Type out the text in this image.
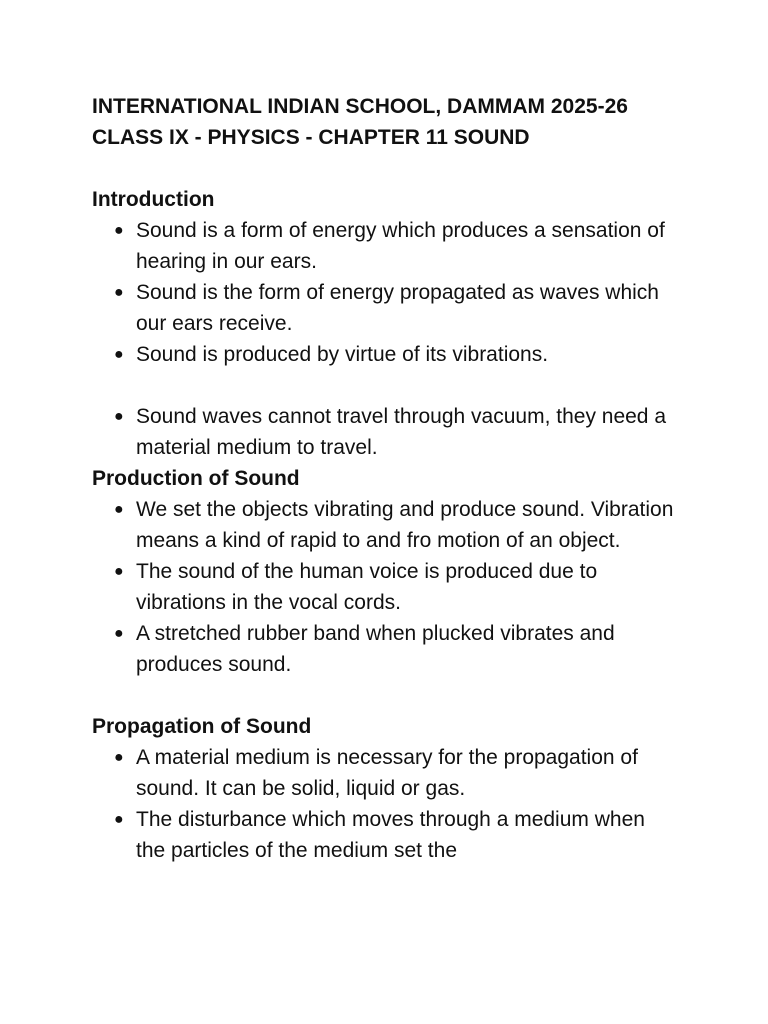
INTERNATIONAL INDIAN SCHOOL, DAMMAM 2025-26

CLASS IX - PHYSICS - CHAPTER 11 SOUND

Introduction
● Sound is a form of energy which produces a sensation of hearing in our ears.
● Sound is the form of energy propagated as waves which our ears receive.
● Sound is produced by virtue of its vibrations.
● Sound waves cannot travel through vacuum, they need a material medium to travel.
Production of Sound
● We set the objects vibrating and produce sound. Vibration means a kind of rapid to and fro motion of an object.
● The sound of the human voice is produced due to vibrations in the vocal cords.
● A stretched rubber band when plucked vibrates and produces sound.
Propagation of Sound
● A material medium is necessary for the propagation of sound. It can be solid, liquid or gas.
● The disturbance which moves through a medium when the particles of the medium set the
